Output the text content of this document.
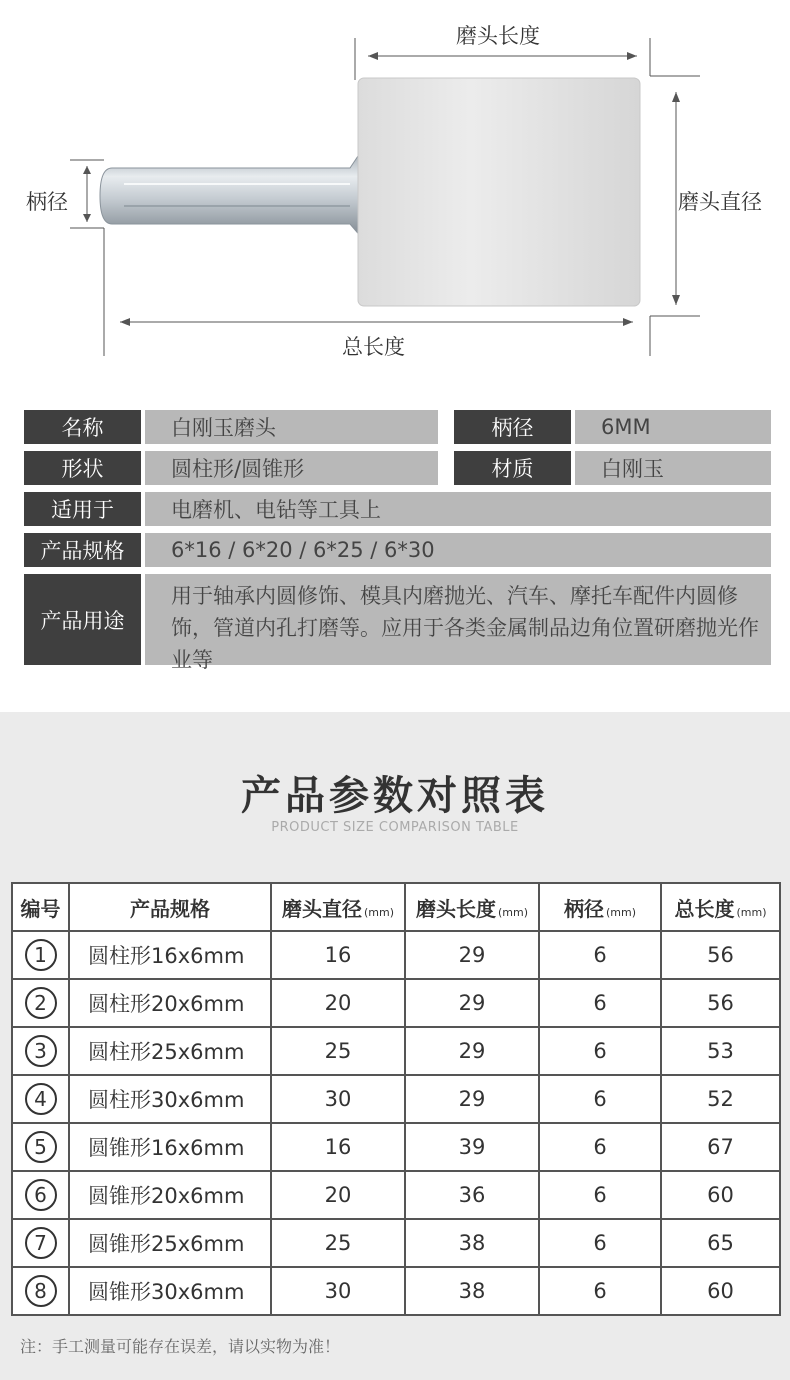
磨头长度
柄径	磨头直径
总长度
名称	白刚玉磨头	柄径	6MM
形状	圆柱形/圆锥形	材质	白刚玉
适用于	电磨机、电钻等工具上
产品规格	6*16 / 6*20 / 6*25 / 6*30
产品用途
用于轴承内圆修饰、模具内磨抛光、汽车、摩托车配件内圆修饰，管道内孔打磨等。应用于各类金属制品边角位置研磨抛光作业等
产品参数对照表
PRODUCT SIZE COMPARISON TABLE
编号	产品规格	磨头直径 (mm)	磨头长度 (mm)	柄径 (mm)	总长度 (mm)
1	圆柱形16x6mm	16	29	6	56
2	圆柱形20x6mm	20	29	6	56
3	圆柱形25x6mm	25	29	6	53
4	圆柱形30x6mm	30	29	6	52
5	圆锥形16x6mm	16	39	6	67
6	圆锥形20x6mm	20	36	6	60
7	圆锥形25x6mm	25	38	6	65
8	圆锥形30x6mm	30	38	6	60
注：手工测量可能存在误差，请以实物为准！
